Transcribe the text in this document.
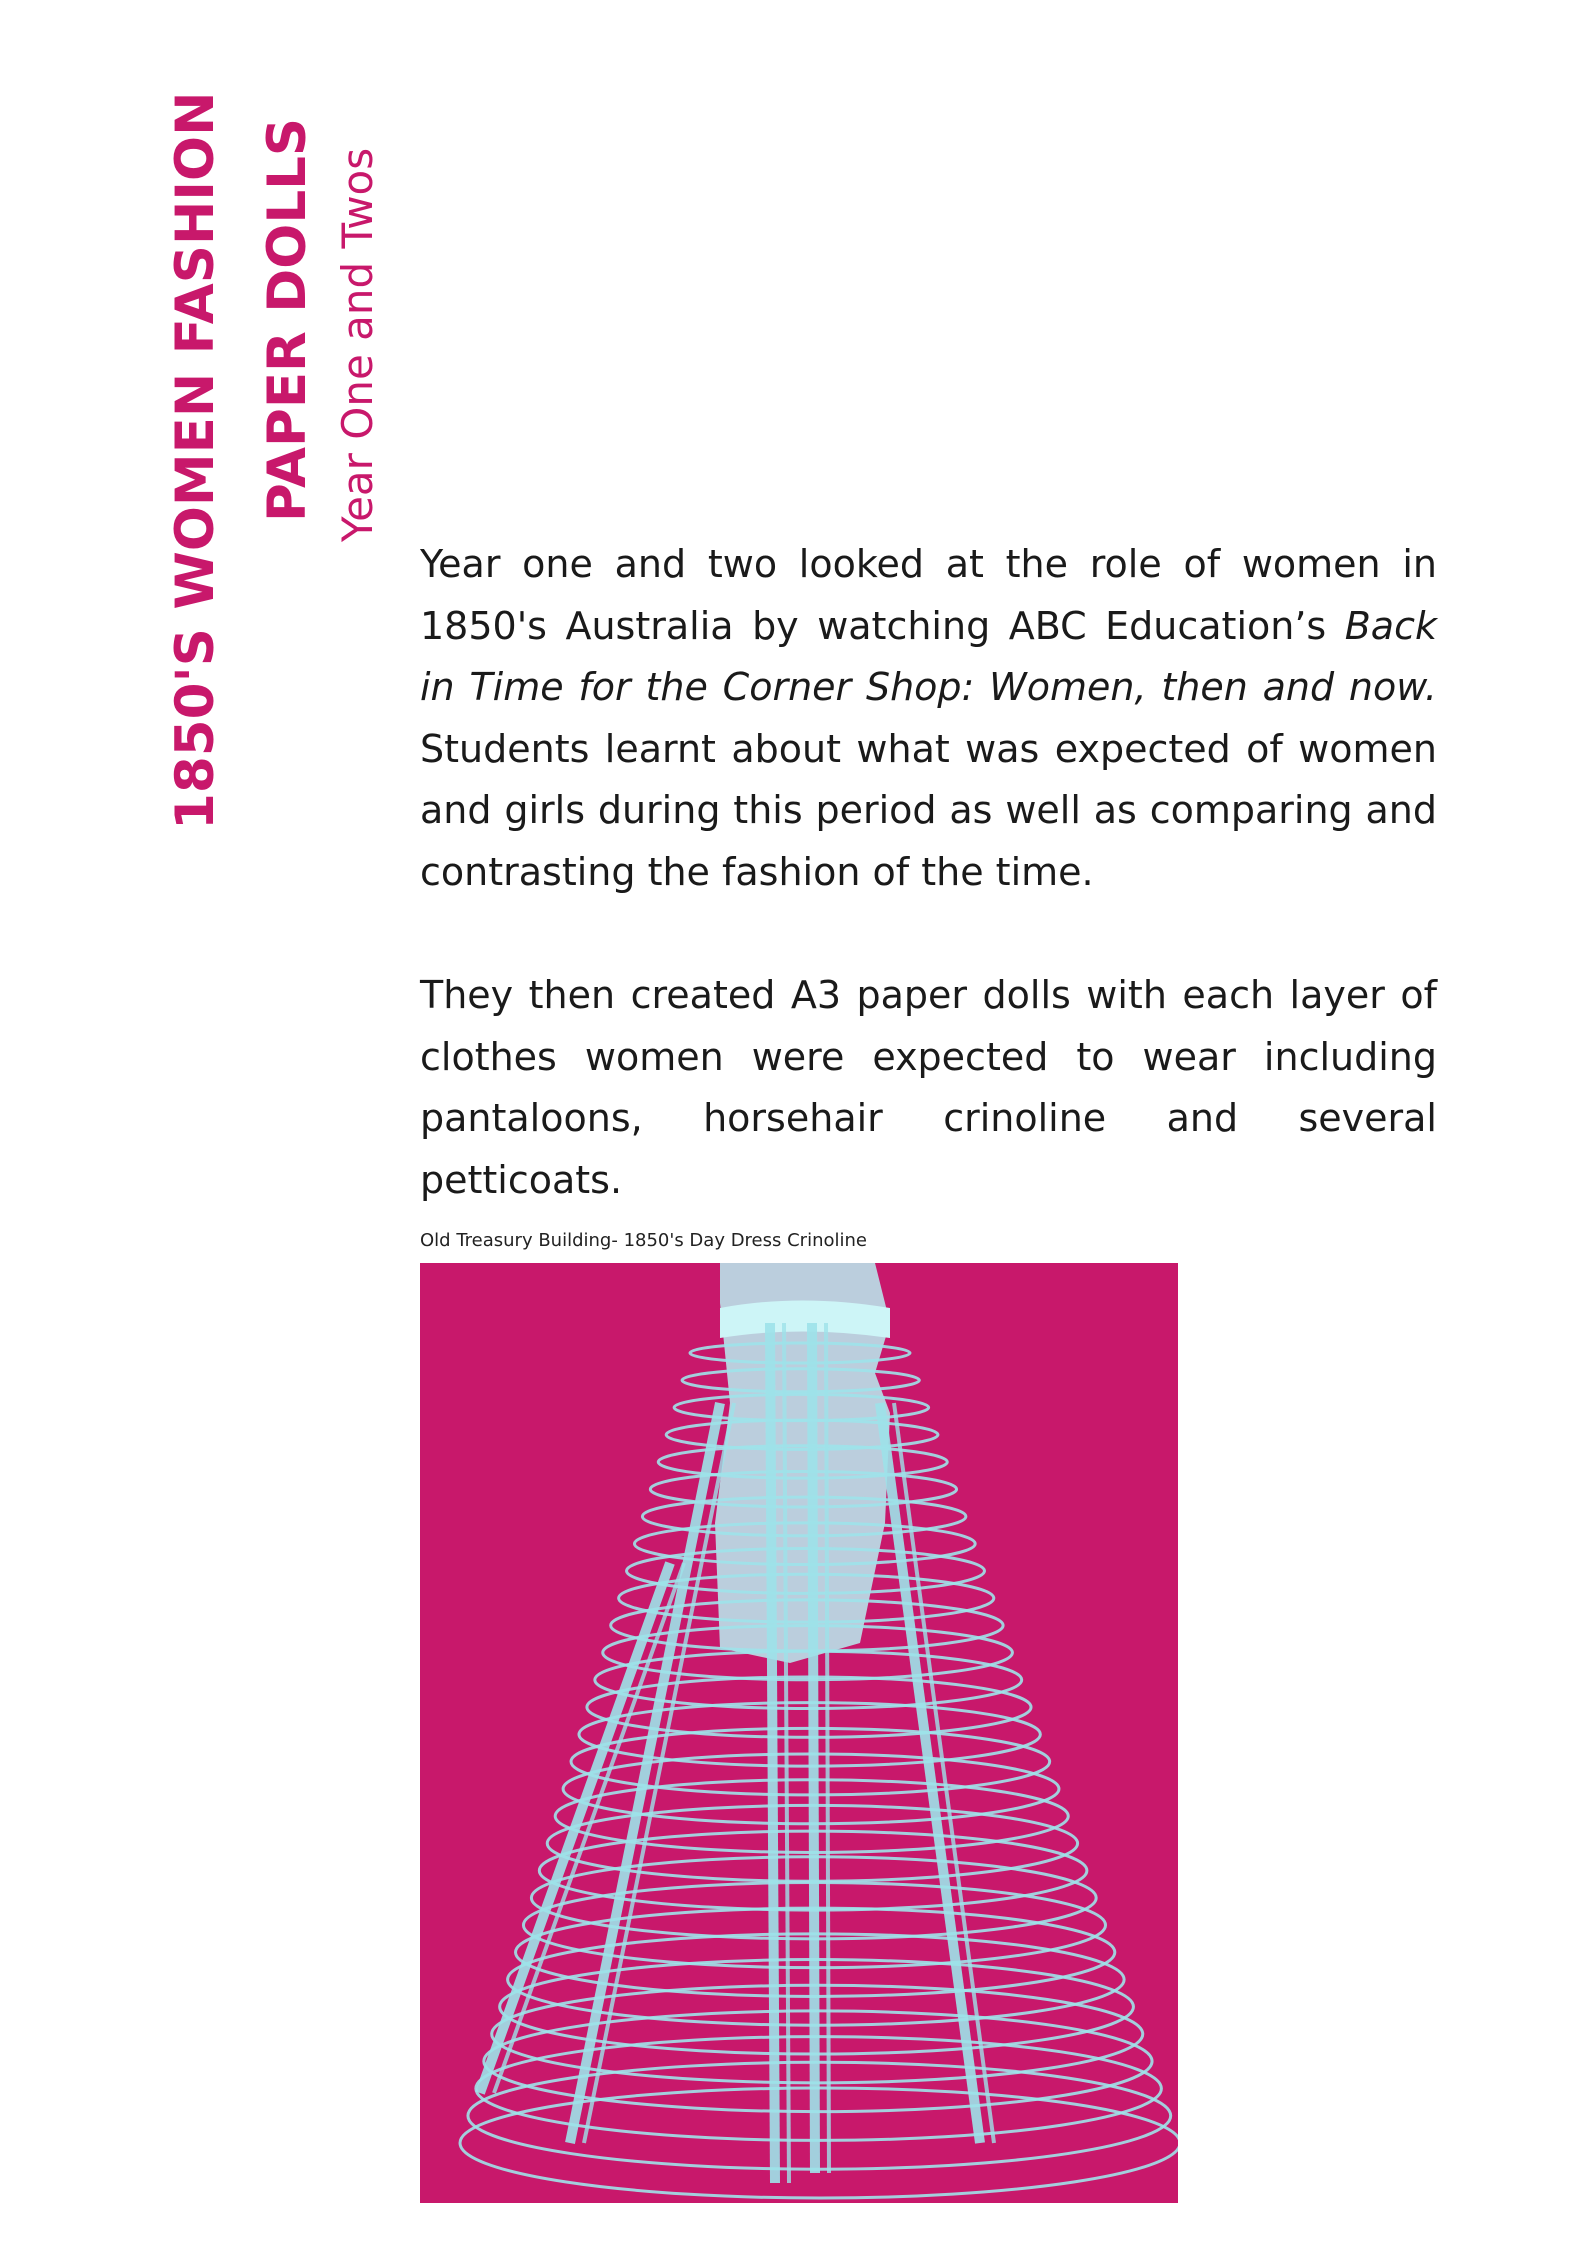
1850'S WOMEN FASHION PAPER DOLLS Year One and Twos

Year one and two looked at the role of women in 1850's Australia by watching ABC Education’s Back in Time for the Corner Shop: Women, then and now. Students learnt about what was expected of women and girls during this period as well as comparing and contrasting the fashion of the time.

They then created A3 paper dolls with each layer of clothes women were expected to wear including pantaloons, horsehair crinoline and several petticoats.

Old Treasury Building- 1850's Day Dress Crinoline
